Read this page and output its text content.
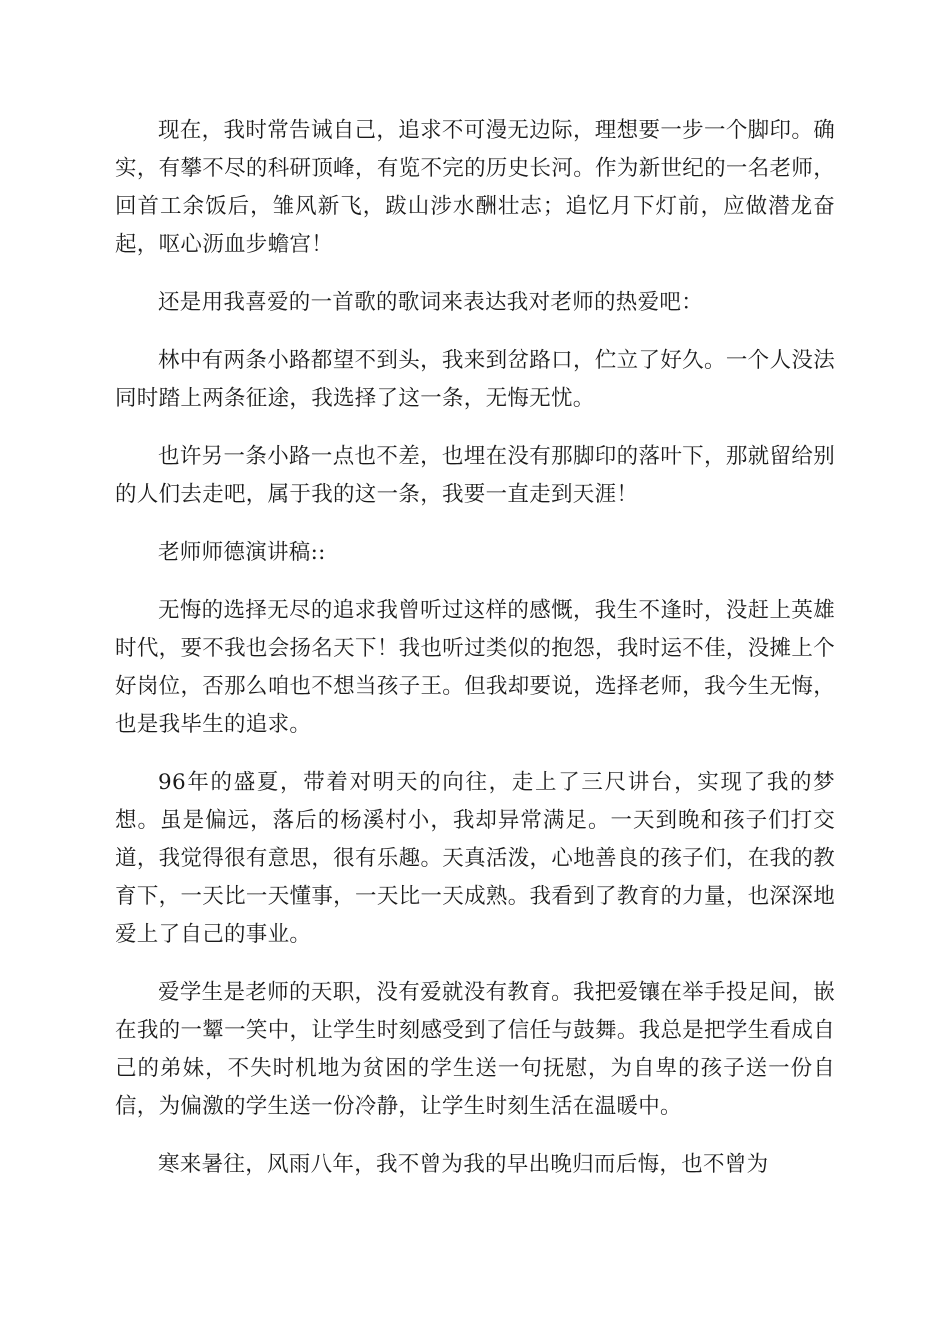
现在，我时常告诫自己，追求不可漫无边际，理想要一步一个脚印。确实，有攀不尽的科研顶峰，有览不完的历史长河。作为新世纪的一名老师，回首工余饭后，雏风新飞，跋山涉水酬壮志；追忆月下灯前，应做潜龙奋起，呕心沥血步蟾宫！

还是用我喜爱的一首歌的歌词来表达我对老师的热爱吧：

林中有两条小路都望不到头，我来到岔路口，伫立了好久。一个人没法同时踏上两条征途，我选择了这一条，无悔无忧。

也许另一条小路一点也不差，也埋在没有那脚印的落叶下，那就留给别的人们去走吧，属于我的这一条，我要一直走到天涯！

老师师德演讲稿::

无悔的选择无尽的追求我曾听过这样的感慨，我生不逢时，没赶上英雄时代，要不我也会扬名天下！我也听过类似的抱怨，我时运不佳，没摊上个好岗位，否那么咱也不想当孩子王。但我却要说，选择老师，我今生无悔，也是我毕生的追求。

96年的盛夏，带着对明天的向往，走上了三尺讲台，实现了我的梦想。虽是偏远，落后的杨溪村小，我却异常满足。一天到晚和孩子们打交道，我觉得很有意思，很有乐趣。天真活泼，心地善良的孩子们，在我的教育下，一天比一天懂事，一天比一天成熟。我看到了教育的力量，也深深地爱上了自己的事业。

爱学生是老师的天职，没有爱就没有教育。我把爱镶在举手投足间，嵌在我的一颦一笑中，让学生时刻感受到了信任与鼓舞。我总是把学生看成自己的弟妹，不失时机地为贫困的学生送一句抚慰，为自卑的孩子送一份自信，为偏激的学生送一份冷静，让学生时刻生活在温暖中。

寒来暑往，风雨八年，我不曾为我的早出晚归而后悔，也不曾为
